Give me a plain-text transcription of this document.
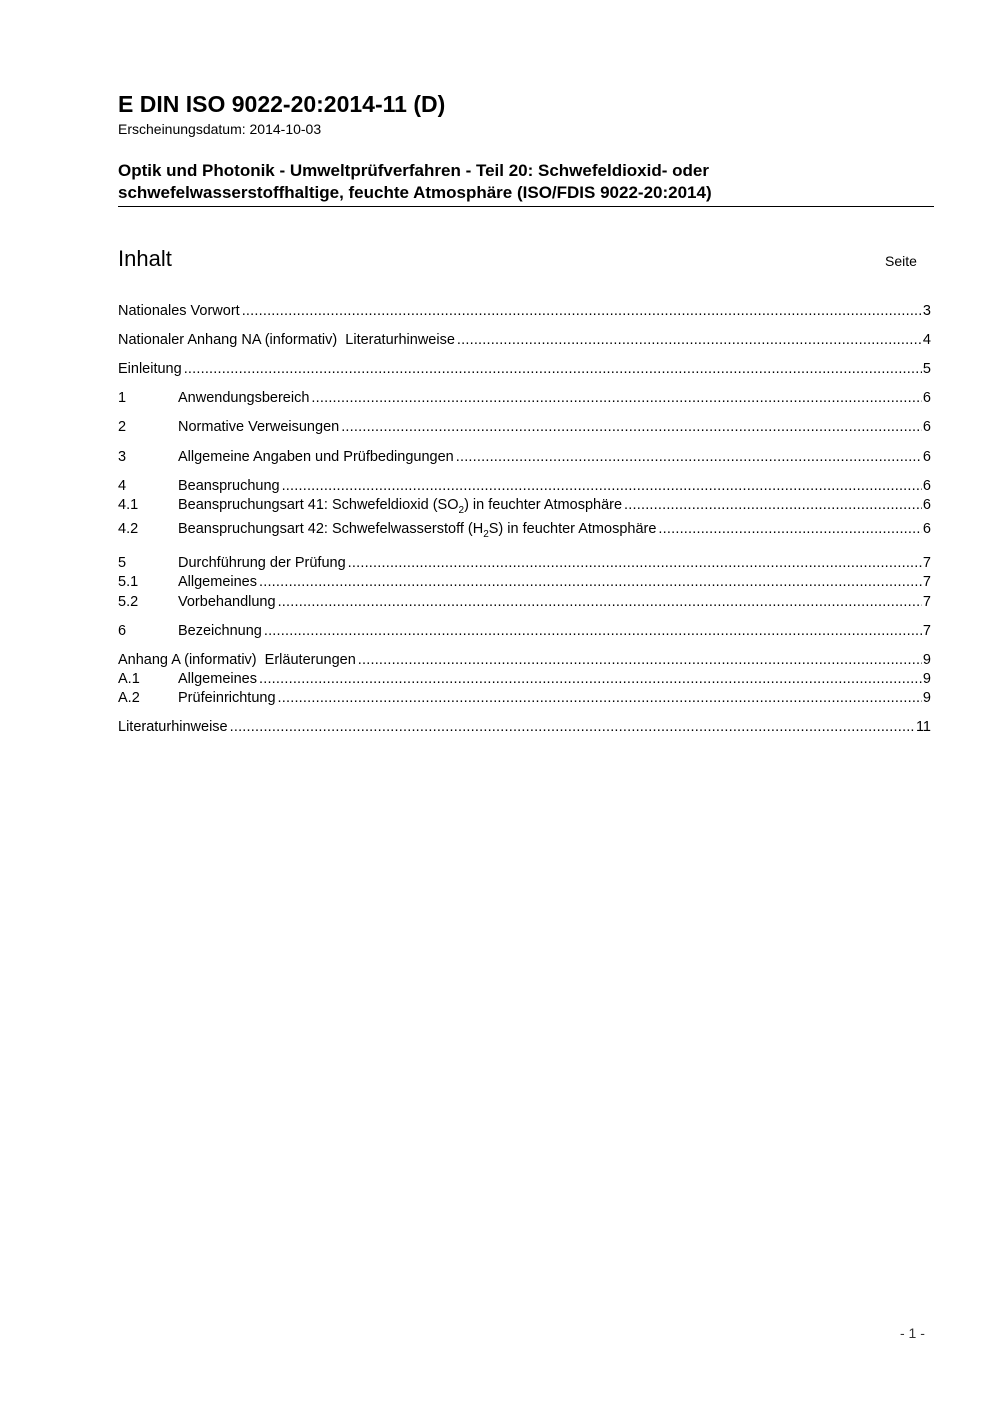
E DIN ISO 9022-20:2014-11 (D)
Erscheinungsdatum: 2014-10-03
Optik und Photonik - Umweltprüfverfahren - Teil 20: Schwefeldioxid- oder
schwefelwasserstoffhaltige, feuchte Atmosphäre (ISO/FDIS 9022-20:2014)
Inhalt	Seite
Nationales Vorwort .....	3
Nationaler Anhang NA (informativ)  Literaturhinweise .....	4
Einleitung .....	5
1	Anwendungsbereich .....	6
2	Normative Verweisungen .....	6
3	Allgemeine Angaben und Prüfbedingungen .....	6
4	Beanspruchung .....	6
4.1	Beanspruchungsart 41: Schwefeldioxid $(SO_2)$ in feuchter Atmosphäre .....	6
4.2	Beanspruchungsart 42: Schwefelwasserstoff $(H_2S)$ in feuchter Atmosphäre .....	6
5	Durchführung der Prüfung .....	7
5.1	Allgemeines .....	7
5.2	Vorbehandlung .....	7
6	Bezeichnung .....	7
Anhang A (informativ)  Erläuterungen .....	9
A.1	Allgemeines .....	9
A.2	Prüfeinrichtung .....	9
Literaturhinweise .....	11
- 1 -
